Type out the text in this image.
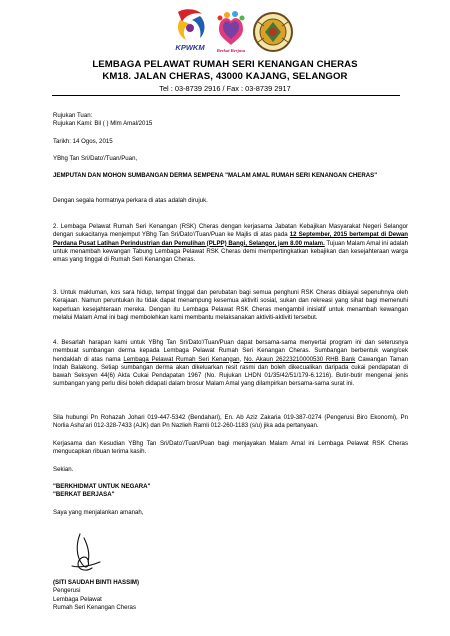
KPWKM	Berkat Berjasa
LEMBAGA PELAWAT RUMAH SERI KENANGAN CHERAS
KM18. JALAN CHERAS, 43000 KAJANG, SELANGOR
Tel : 03-8739 2916 / Fax : 03-8739 2917
Rujukan Tuan:
Rujukan Kami: Bil ( ) Mlm Amal/2015
Tarikh: 14 Ogos, 2015
YBhg Tan Sri/Dato'/Tuan/Puan,
JEMPUTAN DAN MOHON SUMBANGAN DERMA SEMPENA "MALAM AMAL RUMAH SERI KENANGAN CHERAS"
Dengan segala hormatnya perkara di atas adalah dirujuk.
2. Lembaga Pelawat Rumah Seri Kenangan (RSK) Cheras dengan kerjasama Jabatan Kebajikan Masyarakat Negeri Selangor dengan sukacitanya menjemput YBhg Tan Sri/Dato'/Tuan/Puan ke Majlis di atas pada 12 September, 2015 bertempat di Dewan Perdana Pusat Latihan Perindustrian dan Pemulihan (PLPP) Bangi, Selangor, jam 8.00 malam. Tujuan Malam Amal ini adalah untuk menambah kewangan Tabung Lembaga Pelawat RSK Cheras demi mempertingkatkan kebajikan dan kesejahteraan warga emas yang tinggal di Rumah Seri Kenangan Cheras.
3. Untuk makluman, kos sara hidup, tempat tinggal dan perubatan bagi semua penghuni RSK Cheras dibiayai sepenuhnya oleh Kerajaan. Namun peruntukan itu tidak dapat menampung kesemua aktiviti sosial, sukan dan rekreasi yang sihat bagi memenuhi keperluan kesejahteraan mereka. Dengan itu Lembaga Pelawat RSK Cheras mengambil inisiatif untuk menambah kewangan melalui Malam Amal ini bagi membolehkan kami membantu melaksanakan aktiviti-aktiviti tersebut.
4. Besarlah harapan kami untuk YBhg Tan Sri/Dato'/Tuan/Puan dapat bersama-sama menyertai program ini dan seterusnya membuat sumbangan derma kepada Lembaga Pelawat Rumah Seri Kenangan Cheras. Sumbangan berbentuk wang/cek hendaklah di atas nama Lembaga Pelawat Rumah Seri Kenangan, No. Akaun 26223210000530 RHB Bank Cawangan Taman Indah Balakong. Setiap sumbangan derma akan dikeluarkan resit rasmi dan boleh dikecualikan daripada cukai pendapatan di bawah Seksyen 44(6) Akta Cukai Pendapatan 1967 (No. Rujukan LHDN 01/35/42/51/179-6.1216). Butir-butir mengenai jenis sumbangan yang perlu diisi boleh didapati dalam brosur Malam Amal yang dilampirkan bersama-sama surat ini.
Sila hubungi Pn Rohazah Johari 019-447-5342 (Bendahari), En. Ab Aziz Zakaria 019-387-0274 (Pengerusi Biro Ekonomi), Pn Norlia Asha'ari 012-328-7433 (AJK) dan Pn Nazlieh Ramli 012-260-1183 (s/u) jika ada pertanyaan.
Kerjasama dan Kesudian YBhg Tan Sri/Dato'/Tuan/Puan bagi menjayakan Malam Amal ini Lembaga Pelawat RSK Cheras mengucapkan ribuan terima kasih.
Sekian.
"BERKHIDMAT UNTUK NEGARA"
"BERKAT BERJASA"
Saya yang menjalankan amanah,
(SITI SAUDAH BINTI HASSIM)
Pengerusi
Lembaga Pelawat
Rumah Seri Kenangan Cheras
